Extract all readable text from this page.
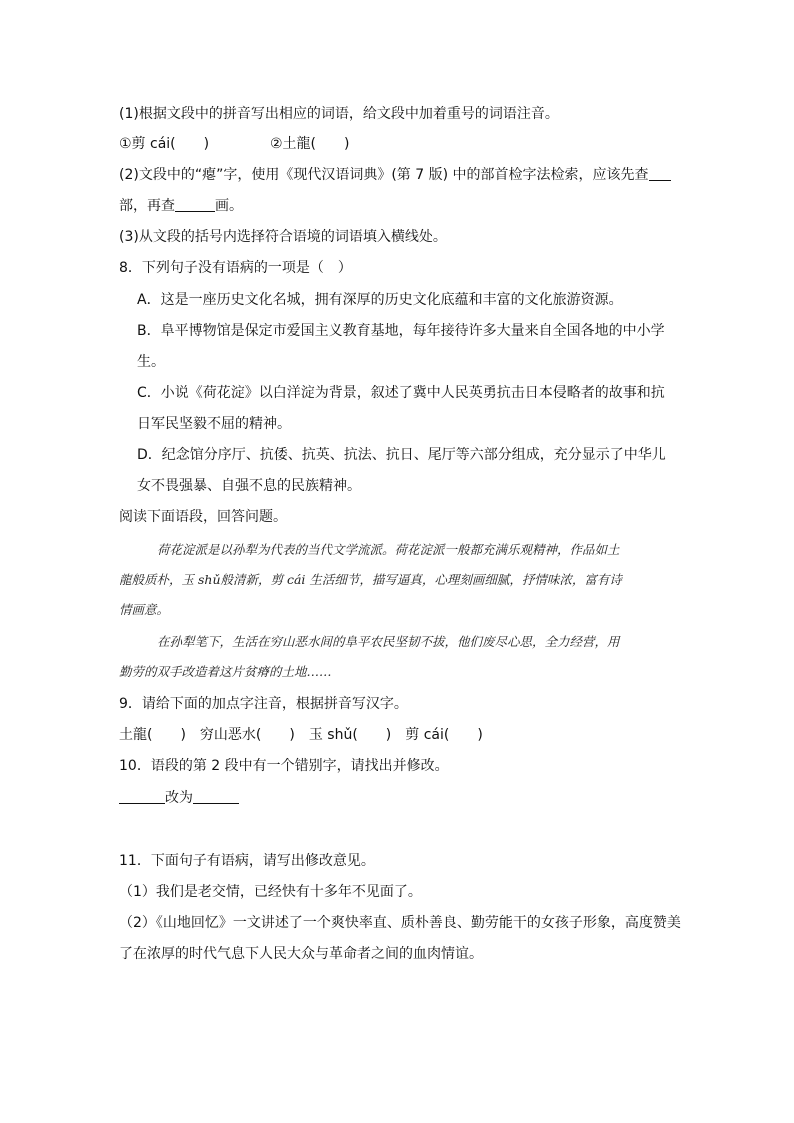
(1)根据文段中的拼音写出相应的词语，给文段中加着重号的词语注音。
①剪 cái(　　)	②土龍(　　)
(2)文段中的“瘪”字，使用《现代汉语词典》(第 7 版) 中的部首检字法检索，应该先查
部，再查	画。
(3)从文段的括号内选择符合语境的词语填入横线处。
8．下列句子没有语病的一项是（　）
A．这是一座历史文化名城，拥有深厚的历史文化底蕴和丰富的文化旅游资源。
B．阜平博物馆是保定市爱国主义教育基地，每年接待许多大量来自全国各地的中小学
生。
C．小说《荷花淀》以白洋淀为背景，叙述了冀中人民英勇抗击日本侵略者的故事和抗
日军民坚毅不屈的精神。
D．纪念馆分序厅、抗倭、抗英、抗法、抗日、尾厅等六部分组成，充分显示了中华儿
女不畏强暴、自强不息的民族精神。
阅读下面语段，回答问题。
荷花淀派是以孙犁为代表的当代文学流派。荷花淀派一般都充满乐观精神，作品如土
龍般质朴，玉 shǔ般清新，剪 cái 生活细节，描写逼真，心理刻画细腻，抒情味浓，富有诗
情画意。
在孙犁笔下，生活在穷山恶水间的阜平农民坚韧不拔，他们废尽心思，全力经营，用
勤劳的双手改造着这片贫瘠的土地……
9．请给下面的加点字注音，根据拼音写汉字。
土龍(　　)　穷山恶水(　　)　玉 shǔ(　　)　剪 cái(　　)
10．语段的第 2 段中有一个错别字，请找出并修改。
改为
11．下面句子有语病，请写出修改意见。
（1）我们是老交情，已经快有十多年不见面了。
（2）《山地回忆》一文讲述了一个爽快率直、质朴善良、勤劳能干的女孩子形象，高度赞美
了在浓厚的时代气息下人民大众与革命者之间的血肉情谊。
